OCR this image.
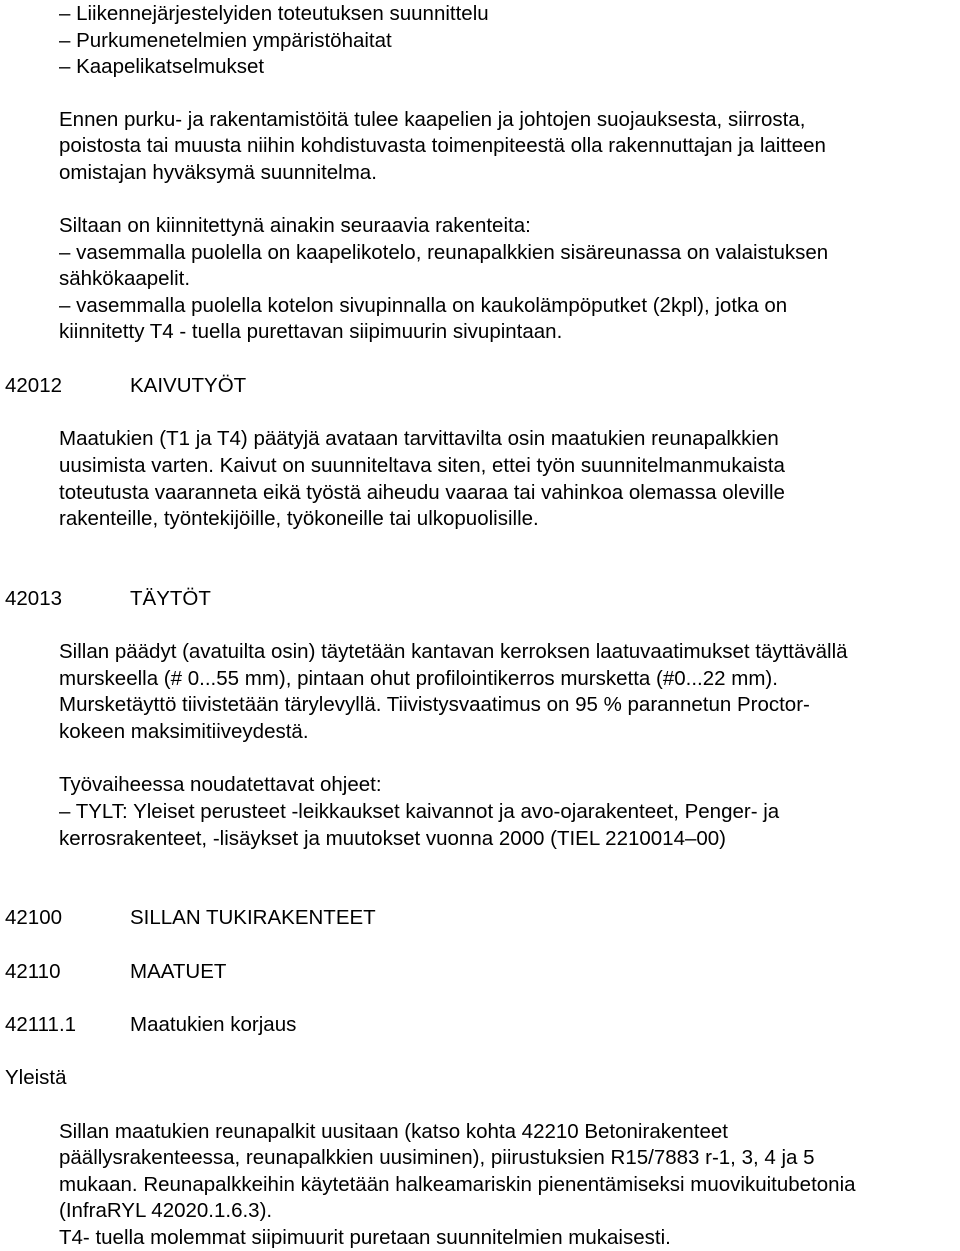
– Liikennejärjestelyiden toteutuksen suunnittelu
– Purkumenetelmien ympäristöhaitat
– Kaapelikatselmukset
Ennen purku- ja rakentamistöitä tulee kaapelien ja johtojen suojauksesta, siirrosta,
poistosta tai muusta niihin kohdistuvasta toimenpiteestä olla rakennuttajan ja laitteen
omistajan hyväksymä suunnitelma.
Siltaan on kiinnitettynä ainakin seuraavia rakenteita:
– vasemmalla puolella on kaapelikotelo, reunapalkkien sisäreunassa on valaistuksen
sähkökaapelit.
– vasemmalla puolella kotelon sivupinnalla on kaukolämpöputket (2kpl), jotka on
kiinnitetty T4 - tuella purettavan siipimuurin sivupintaan.
42012	KAIVUTYÖT
Maatukien (T1 ja T4) päätyjä avataan tarvittavilta osin maatukien reunapalkkien
uusimista varten. Kaivut on suunniteltava siten, ettei työn suunnitelmanmukaista
toteutusta vaaranneta eikä työstä aiheudu vaaraa tai vahinkoa olemassa oleville
rakenteille, työntekijöille, työkoneille tai ulkopuolisille.
42013	TÄYTÖT
Sillan päädyt (avatuilta osin) täytetään kantavan kerroksen laatuvaatimukset täyttävällä
murskeella (# 0...55 mm), pintaan ohut profilointikerros mursketta (#0...22 mm).
Mursketäyttö tiivistetään tärylevyllä. Tiivistysvaatimus on 95 % parannetun Proctor-
kokeen maksimitiiveydestä.
Työvaiheessa noudatettavat ohjeet:
– TYLT: Yleiset perusteet -leikkaukset kaivannot ja avo-ojarakenteet, Penger- ja
kerrosrakenteet, -lisäykset ja muutokset vuonna 2000 (TIEL 2210014–00)
42100	SILLAN TUKIRAKENTEET
42110	MAATUET
42111.1	Maatukien korjaus
Yleistä
Sillan maatukien reunapalkit uusitaan (katso kohta 42210 Betonirakenteet
päällysrakenteessa, reunapalkkien uusiminen), piirustuksien R15/7883 r-1, 3, 4 ja 5
mukaan. Reunapalkkeihin käytetään halkeamariskin pienentämiseksi muovikuitubetonia
(InfraRYL 42020.1.6.3).
T4- tuella molemmat siipimuurit puretaan suunnitelmien mukaisesti.
